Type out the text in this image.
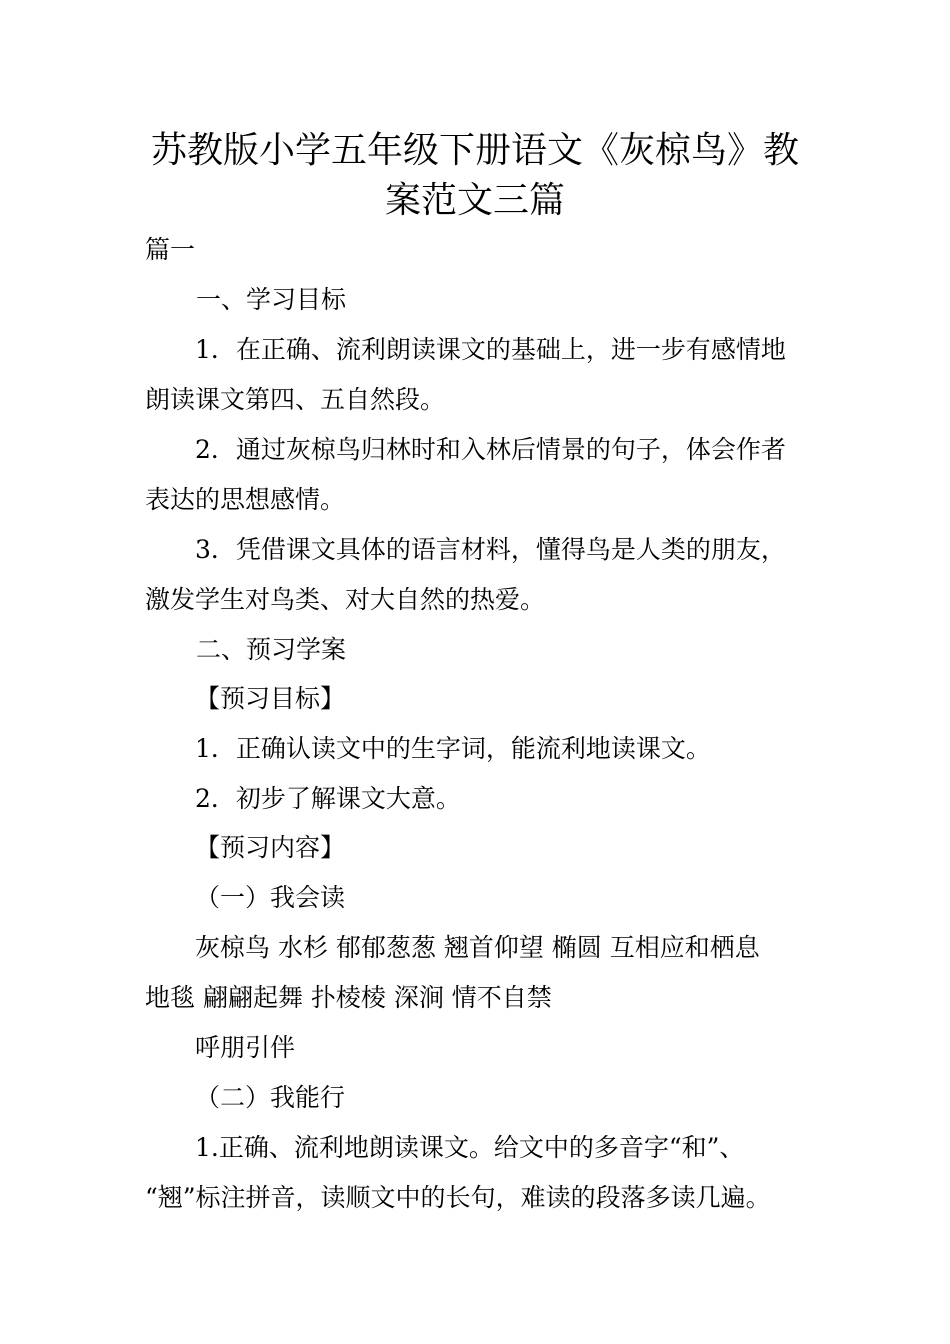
苏教版小学五年级下册语文《灰椋鸟》教
案范文三篇

篇一

一、学习目标

1．在正确、流利朗读课文的基础上，进一步有感情地

朗读课文第四、五自然段。

2．通过灰椋鸟归林时和入林后情景的句子，体会作者

表达的思想感情。

3．凭借课文具体的语言材料，懂得鸟是人类的朋友，

激发学生对鸟类、对大自然的热爱。

二、预习学案

【预习目标】

1．正确认读文中的生字词，能流利地读课文。

2．初步了解课文大意。

【预习内容】

（一）我会读

灰椋鸟 水杉 郁郁葱葱 翘首仰望 椭圆 互相应和栖息

地毯 翩翩起舞 扑棱棱 深涧 情不自禁

呼朋引伴

（二）我能行

1.正确、流利地朗读课文。给文中的多音字“和”、

“翘”标注拼音，读顺文中的长句，难读的段落多读几遍。
